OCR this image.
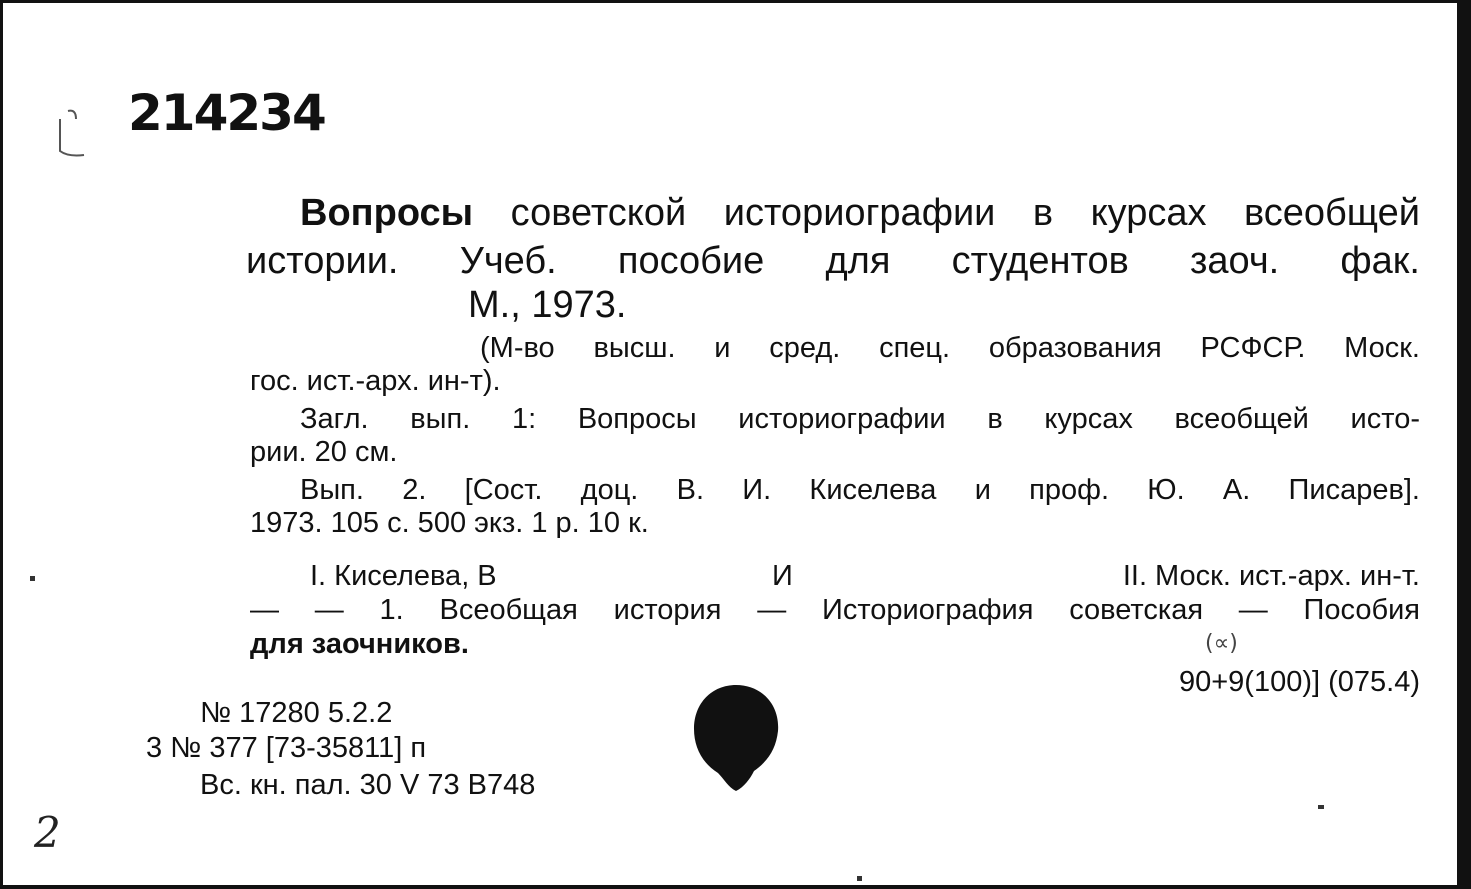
214234
Вопросы советской историографии в курсах всеобщей
истории. Учеб. пособие для студентов заоч. фак.
М., 1973.
(М-во высш. и сред. спец. образования РСФСР. Моск.
гос. ист.-арх. ин-т).
Загл. вып. 1: Вопросы историографии в курсах всеобщей исто-
рии. 20 см.
Вып. 2. [Сост. доц. В. И. Киселева и проф. Ю. А. Писарев].
1973. 105 с. 500 экз. 1 р. 10 к.
I. Киселева, В	И	II. Моск. ист.-арх. ин-т.
— — 1. Всеобщая история — Историография советская — Пособия
для заочников.	(∝)
90+9(100)] (075.4)
№ 17280 5.2.2
3 № 377 [73-35811] п
Вс. кн. пал. 30 V 73 В748
2
